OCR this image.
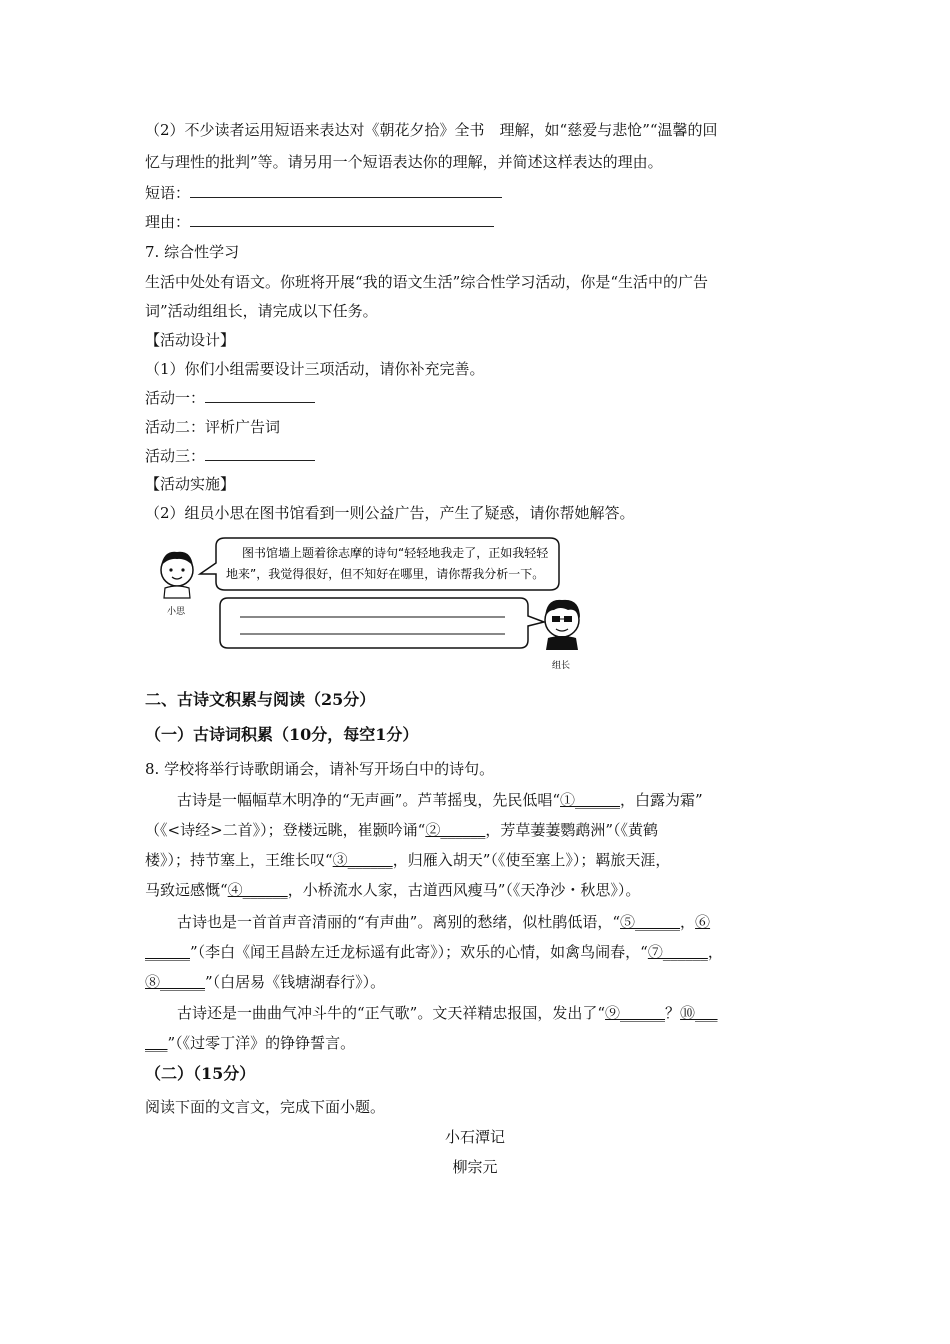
（2）不少读者运用短语来表达对《朝花夕拾》全书　理解，如“慈爱与悲怆”“温馨的回
忆与理性的批判”等。请另用一个短语表达你的理解，并简述这样表达的理由。
短语：
理由：
7. 综合性学习
生活中处处有语文。你班将开展“我的语文生活”综合性学习活动，你是“生活中的广告
词”活动组组长，请完成以下任务。
【活动设计】
（1）你们小组需要设计三项活动，请你补充完善。
活动一：
活动二：评析广告词
活动三：
【活动实施】
（2）组员小思在图书馆看到一则公益广告，产生了疑惑，请你帮她解答。
小思
图书馆墙上题着徐志摩的诗句“轻轻地我走了，正如我轻轻
地来”，我觉得很好，但不知好在哪里，请你帮我分析一下。
组长
二、古诗文积累与阅读（25分）
（一）古诗词积累（10分，每空1分）
8. 学校将举行诗歌朗诵会，请补写开场白中的诗句。
古诗是一幅幅草木明净的“无声画”。芦苇摇曳，先民低唱“①______，白露为霜”
（《<诗经>二首》）；登楼远眺，崔颢吟诵“②______，芳草萋萋鹦鹉洲”（《黄鹤
楼》）；持节塞上，王维长叹“③______，归雁入胡天”（《使至塞上》）；羁旅天涯，
马致远感慨“④______，小桥流水人家，古道西风瘦马”（《天净沙・秋思》）。
古诗也是一首首声音清丽的“有声曲”。离别的愁绪，似杜鹃低语，“⑤______，⑥
______”（李白《闻王昌龄左迁龙标遥有此寄》）；欢乐的心情，如禽鸟闹春，“⑦______，
⑧______”（白居易《钱塘湖春行》）。
古诗还是一曲曲气冲斗牛的“正气歌”。文天祥精忠报国，发出了“⑨______？⑩___
___”（《过零丁洋》的铮铮誓言。
（二）（15分）
阅读下面的文言文，完成下面小题。
小石潭记
柳宗元
